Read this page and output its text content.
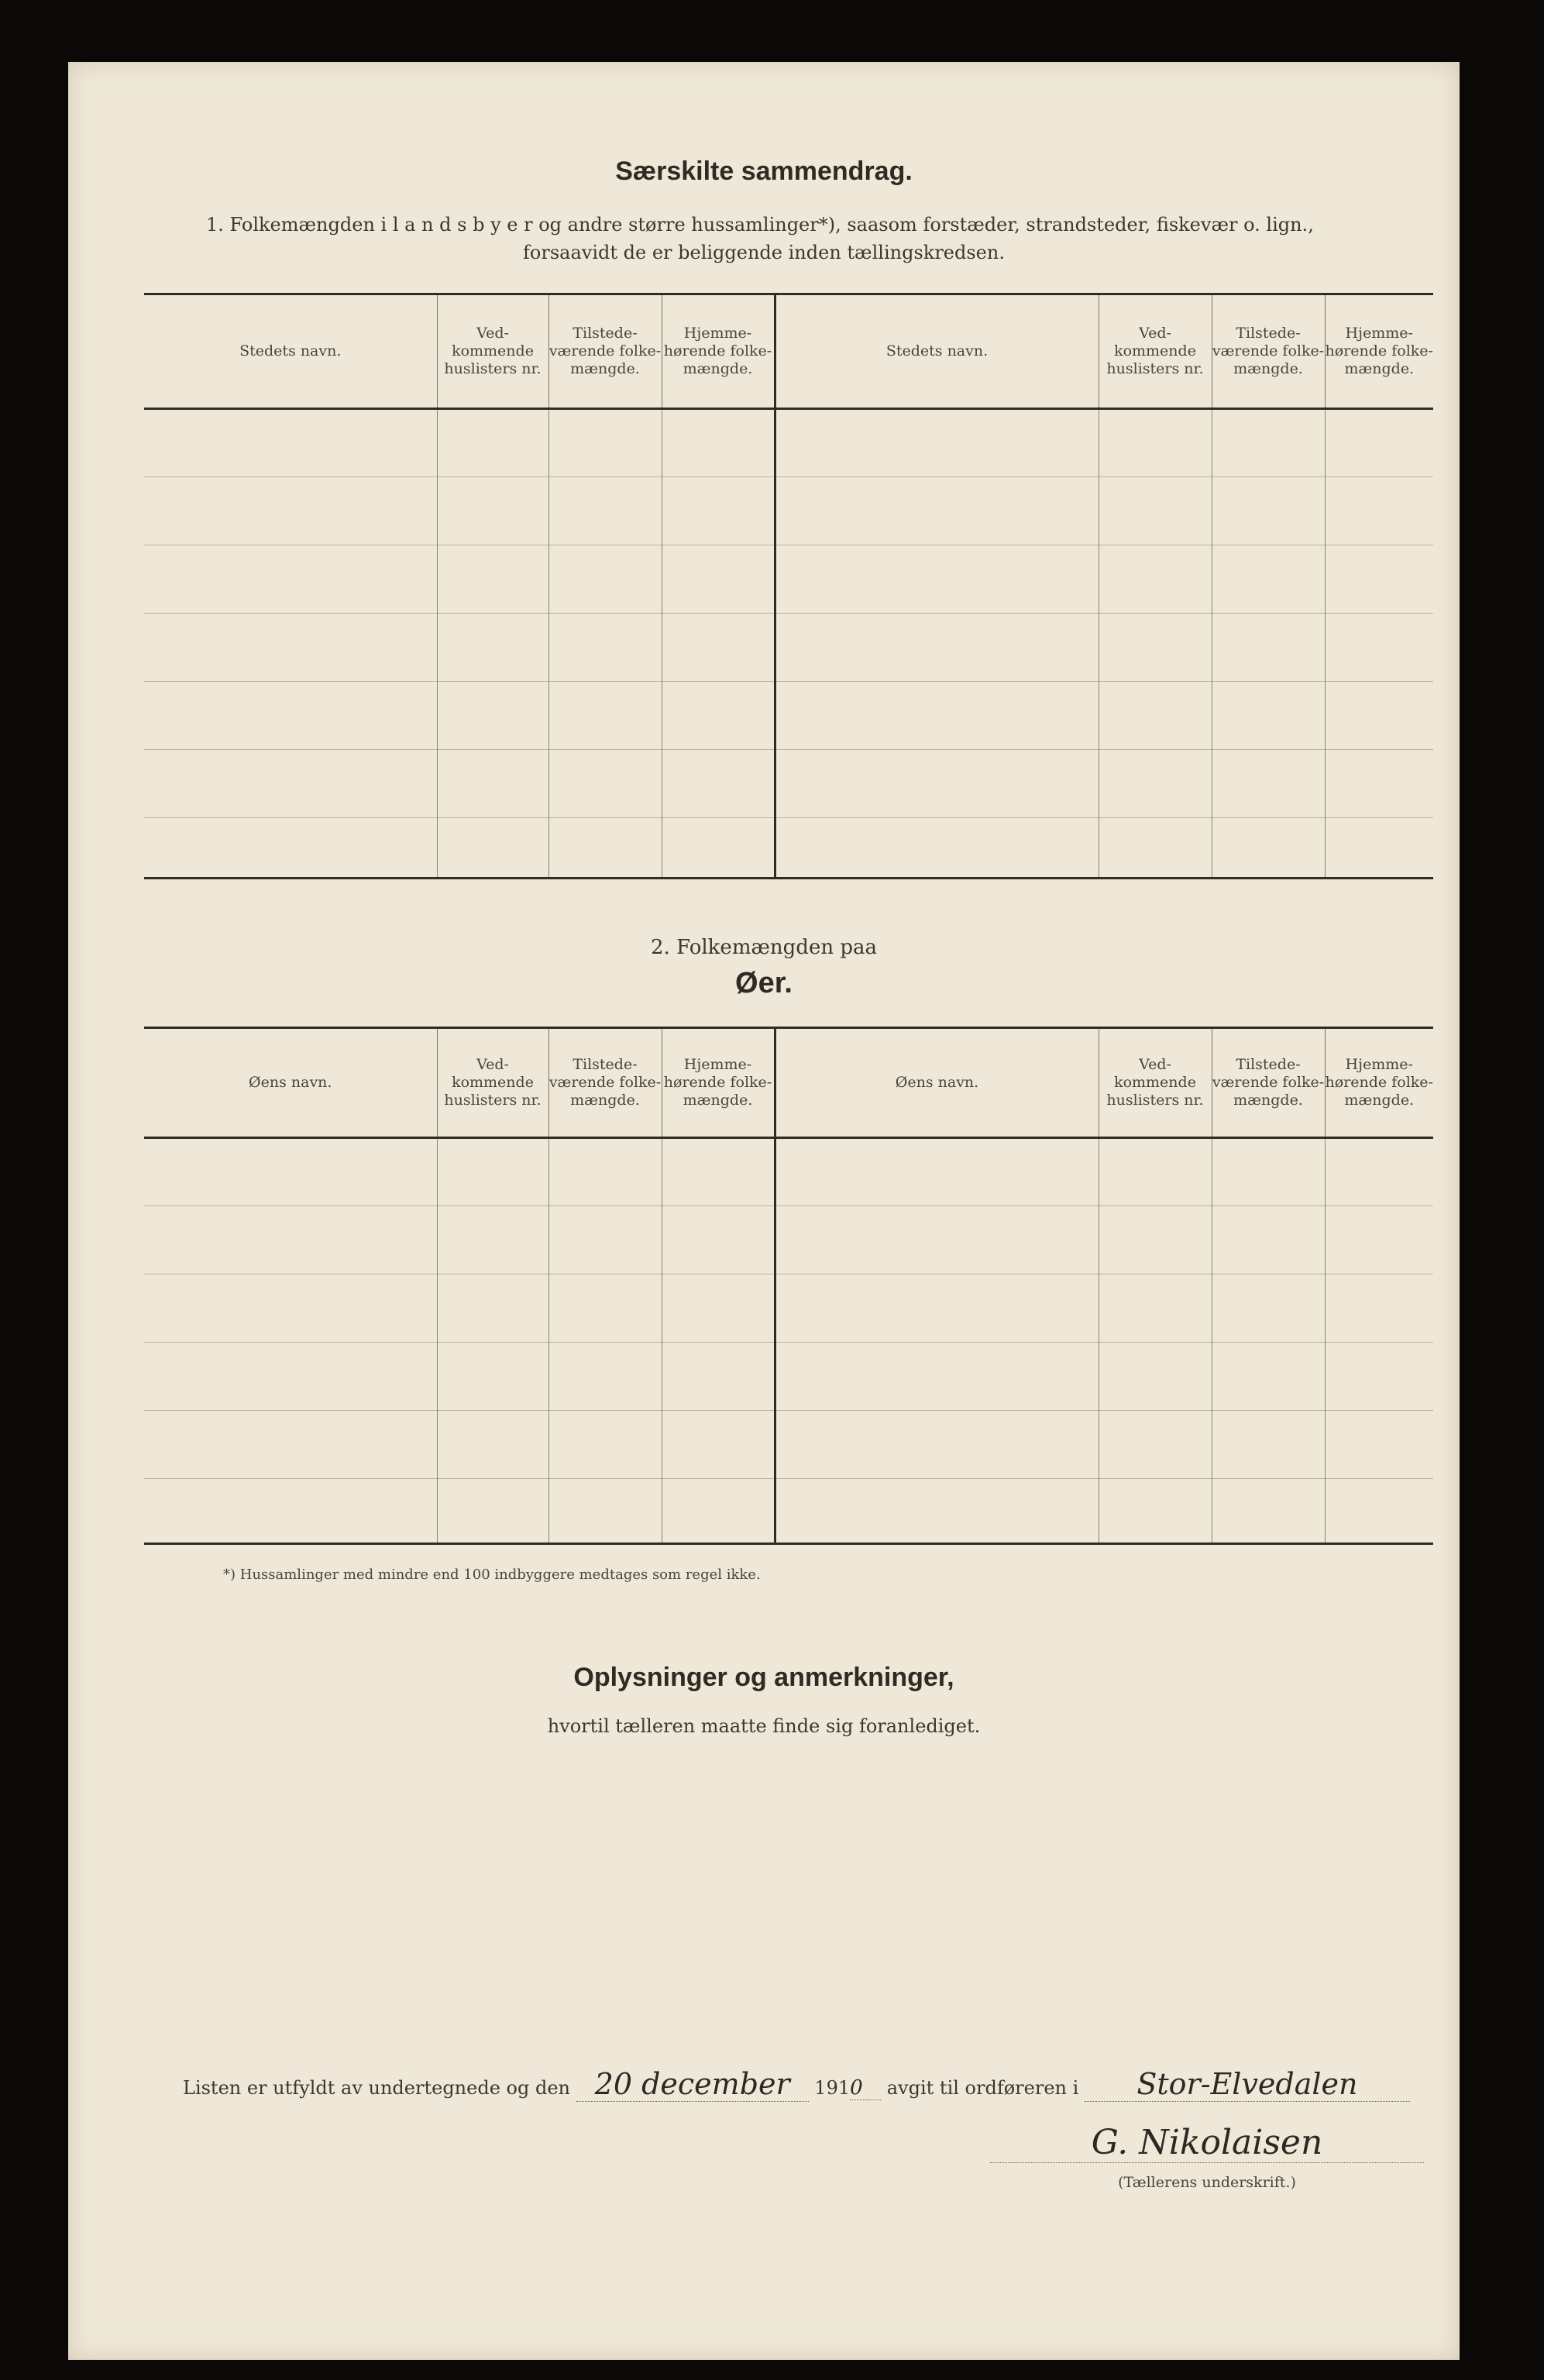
Særskilte sammendrag.
1. Folkemængden i l a n d s b y e r og andre større hussamlinger*), saasom forstæder, strandsteder, fiskevær o. lign.,
forsaavidt de er beliggende inden tællingskredsen.
Stedets navn.	Ved-kommende huslisters nr.	Tilstede-værende folke-mængde.	Hjemme-hørende folke-mængde.	Stedets navn.	Ved-kommende huslisters nr.	Tilstede-værende folke-mængde.	Hjemme-hørende folke-mængde.

2. Folkemængden paa
Øer.
Øens navn.	Ved-kommende huslisters nr.	Tilstede-værende folke-mængde.	Hjemme-hørende folke-mængde.	Øens navn.	Ved-kommende huslisters nr.	Tilstede-værende folke-mængde.	Hjemme-hørende folke-mængde.

*) Hussamlinger med mindre end 100 indbyggere medtages som regel ikke.
Oplysninger og anmerkninger,
hvortil tælleren maatte finde sig foranlediget.
Listen er utfyldt av undertegnede og den 20 december 1910 avgit til ordføreren i Stor-Elvedalen
G. Nikolaisen
(Tællerens underskrift.)
